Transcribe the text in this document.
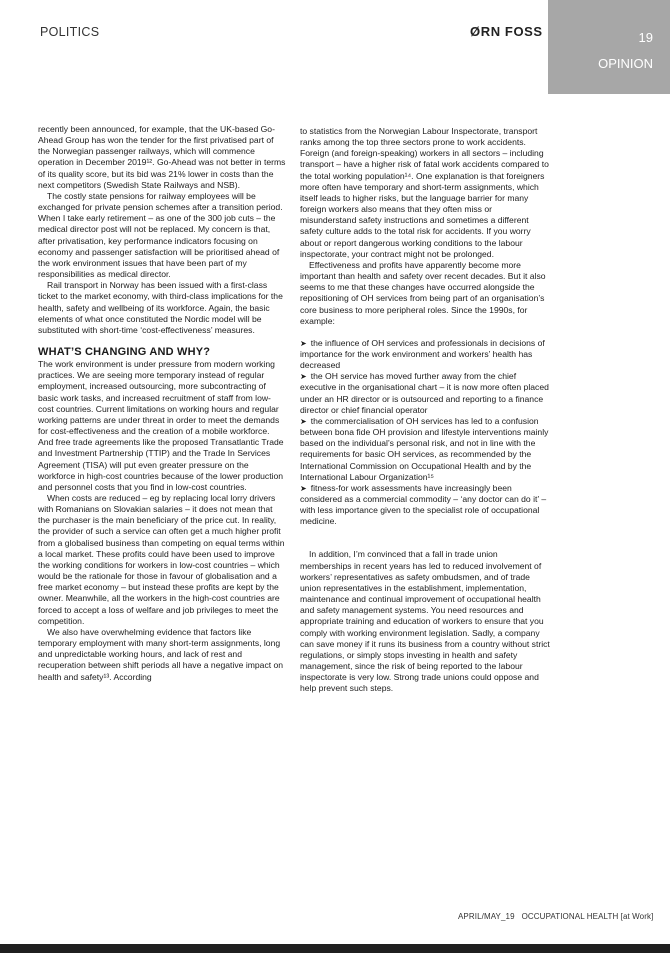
POLITICS	ØRN FOSS	19
OPINION

recently been announced, for example, that the UK-based Go-Ahead Group has won the tender for the first privatised part of the Norwegian passenger railways, which will commence operation in December 2019¹². Go-Ahead was not better in terms of its quality score, but its bid was 21% lower in costs than the next competitors (Swedish State Railways and NSB).

The costly state pensions for railway employees will be exchanged for private pension schemes after a transition period. When I take early retirement – as one of the 300 job cuts – the medical director post will not be replaced. My concern is that, after privatisation, key performance indicators focusing on economy and passenger satisfaction will be prioritised ahead of the work environment issues that have been part of my responsibilities as medical director.

Rail transport in Norway has been issued with a first-class ticket to the market economy, with third-class implications for the health, safety and wellbeing of its workforce. Again, the basic elements of what once constituted the Nordic model will be substituted with short-time ‘cost-effectiveness’ measures.

WHAT’S CHANGING AND WHY?

The work environment is under pressure from modern working practices. We are seeing more temporary instead of regular employment, increased outsourcing, more subcontracting of basic work tasks, and increased recruitment of staff from low-cost countries. Current limitations on working hours and regular working patterns are under threat in order to meet the demands for cost-effectiveness and the creation of a mobile workforce. And free trade agreements like the proposed Transatlantic Trade and Investment Partnership (TTIP) and the Trade In Services Agreement (TISA) will put even greater pressure on the workforce in high-cost countries because of the lower production and personnel costs that you find in low-cost countries.

When costs are reduced – eg by replacing local lorry drivers with Romanians on Slovakian salaries – it does not mean that the purchaser is the main beneficiary of the price cut. In reality, the provider of such a service can often get a much higher profit from a globalised business than competing on equal terms within a local market. These profits could have been used to improve the working conditions for workers in low-cost countries – which would be the rationale for those in favour of globalisation and a free market economy – but instead these profits are kept by the owner. Meanwhile, all the workers in the high-cost countries are forced to accept a loss of welfare and job privileges to meet the competition.

We also have overwhelming evidence that factors like temporary employment with many short-term assignments, long and unpredictable working hours, and lack of rest and recuperation between shift periods all have a negative impact on health and safety¹³. According

to statistics from the Norwegian Labour Inspectorate, transport ranks among the top three sectors prone to work accidents. Foreign (and foreign-speaking) workers in all sectors – including transport – have a higher risk of fatal work accidents compared to the total working population¹⁴. One explanation is that foreigners more often have temporary and short-term assignments, which itself leads to higher risks, but the language barrier for many foreign workers also means that they often miss or misunderstand safety instructions and sometimes a different safety culture adds to the total risk for accidents. If you worry about or report dangerous working conditions to the labour inspectorate, your contract might not be prolonged.

Effectiveness and profits have apparently become more important than health and safety over recent decades. But it also seems to me that these changes have occurred alongside the repositioning of OH services from being part of an organisation’s core business to more peripheral roles. Since the 1990s, for example:

➤ the influence of OH services and professionals in decisions of importance for the work environment and workers’ health has decreased

➤ the OH service has moved further away from the chief executive in the organisational chart – it is now more often placed under an HR director or is outsourced and reporting to a finance director or chief financial operator

➤ the commercialisation of OH services has led to a confusion between bona fide OH provision and lifestyle interventions mainly based on the individual’s personal risk, and not in line with the requirements for basic OH services, as recommended by the International Commission on Occupational Health and by the International Labour Organization¹⁵

➤ fitness-for work assessments have increasingly been considered as a commercial commodity – ‘any doctor can do it’ – with less importance given to the specialist role of occupational medicine.

In addition, I’m convinced that a fall in trade union memberships in recent years has led to reduced involvement of workers’ representatives as safety ombudsmen, and of trade union representatives in the establishment, implementation, maintenance and continual improvement of occupational health and safety management systems. You need resources and appropriate training and education of workers to ensure that you comply with working environment legislation. Sadly, a company can save money if it runs its business from a country without strict regulations, or simply stops investing in health and safety management, since the risk of being reported to the labour inspectorate is very low. Strong trade unions could oppose and help prevent such steps.

APRIL/MAY_19 OCCUPATIONAL HEALTH [at Work]
